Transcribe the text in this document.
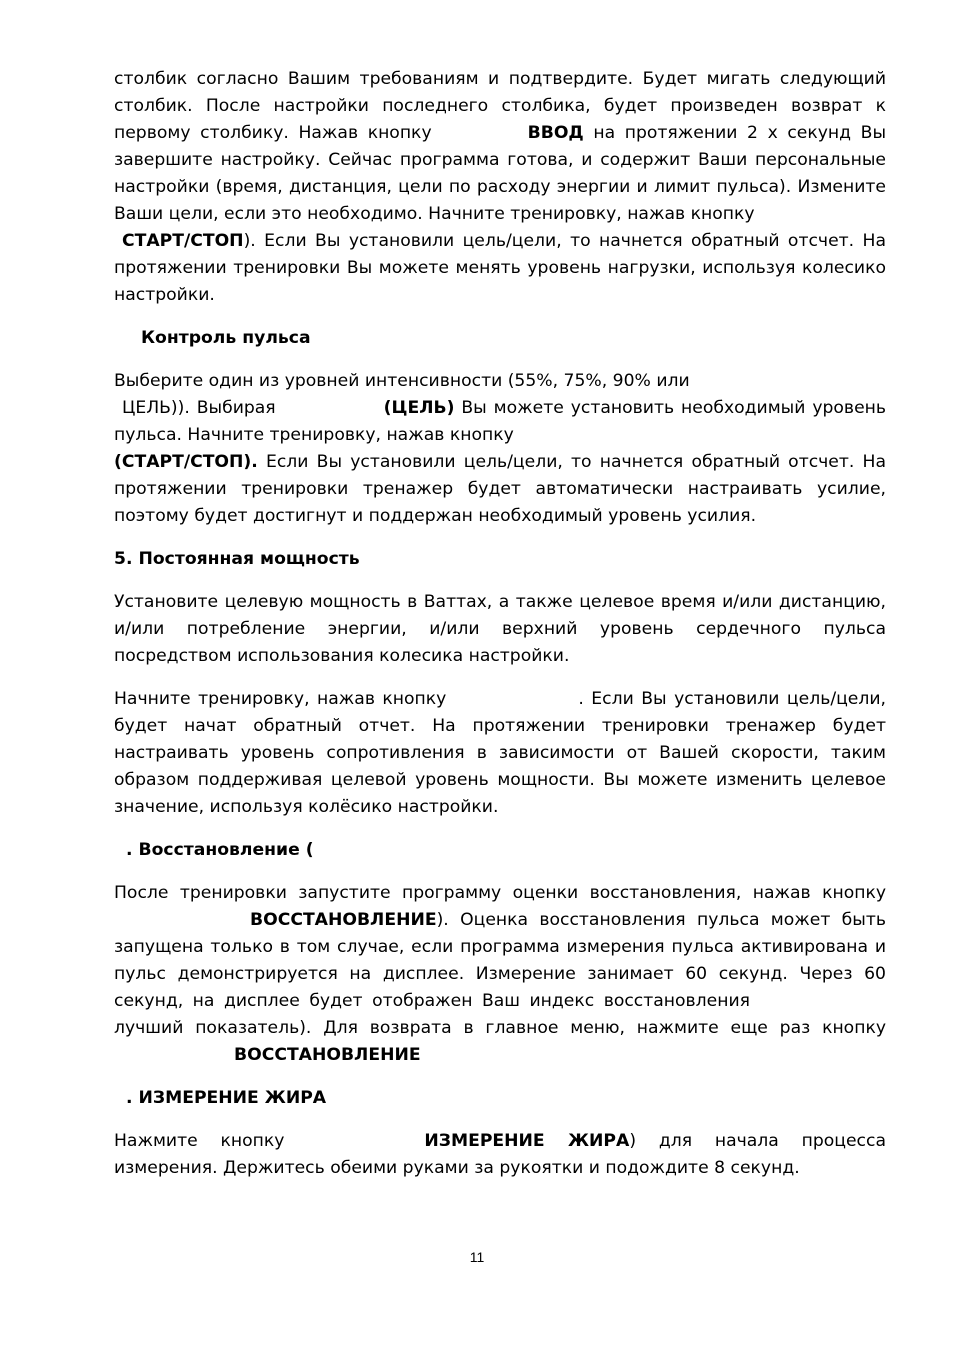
столбик согласно Вашим требованиям и подтвердите. Будет мигать следующий столбик. После настройки последнего столбика, будет произведен возврат к первому столбику. Нажав кнопку	ВВОД на протяжении 2 х секунд Вы завершите настройку. Сейчас программа готова, и содержит Ваши персональные настройки (время, дистанция, цели по расходу энергии и лимит пульса). Измените Ваши цели, если это необходимо. Начните тренировку, нажав кнопку
СТАРТ/СТОП). Если Вы установили цель/цели, то начнется обратный отсчет. На протяжении тренировки Вы можете менять уровень нагрузки, используя колесико настройки.

Контроль пульса

Выберите один из уровней интенсивности (55%, 75%, 90% или
ЦЕЛЬ)). Выбирая	(ЦЕЛЬ) Вы можете установить необходимый уровень пульса. Начните тренировку, нажав кнопку
(СТАРТ/СТОП). Если Вы установили цель/цели, то начнется обратный отсчет. На протяжении тренировки тренажер будет автоматически настраивать усилие, поэтому будет достигнут и поддержан необходимый уровень усилия.

5. Постоянная мощность

Установите целевую мощность в Ваттах, а также целевое время и/или дистанцию, и/или потребление энергии, и/или верхний уровень сердечного пульса посредством использования колесика настройки.

Начните тренировку, нажав кнопку	. Если Вы установили цель/цели, будет начат обратный отчет. На протяжении тренировки тренажер будет настраивать уровень сопротивления в зависимости от Вашей скорости, таким образом поддерживая целевой уровень мощности. Вы можете изменить целевое значение, используя колёсико настройки.

. Восстановление (

После тренировки запустите программу оценки восстановления, нажав кнопкуВОССТАНОВЛЕНИЕ). Оценка восстановления пульса может быть запущена только в том случае, если программа измерения пульса активирована и пульс демонстрируется на дисплее. Измерение занимает 60 секунд. Через 60 секунд, на дисплее будет отображен Ваш индекс восстановлениялучший показатель). Для возврата в главное меню, нажмите еще раз кнопкуВОССТАНОВЛЕНИЕ

. ИЗМЕРЕНИЕ ЖИРА

Нажмите кнопку	ИЗМЕРЕНИЕ ЖИРА) для начала процесса измерения. Держитесь обеими руками за рукоятки и подождите 8 секунд.

11
